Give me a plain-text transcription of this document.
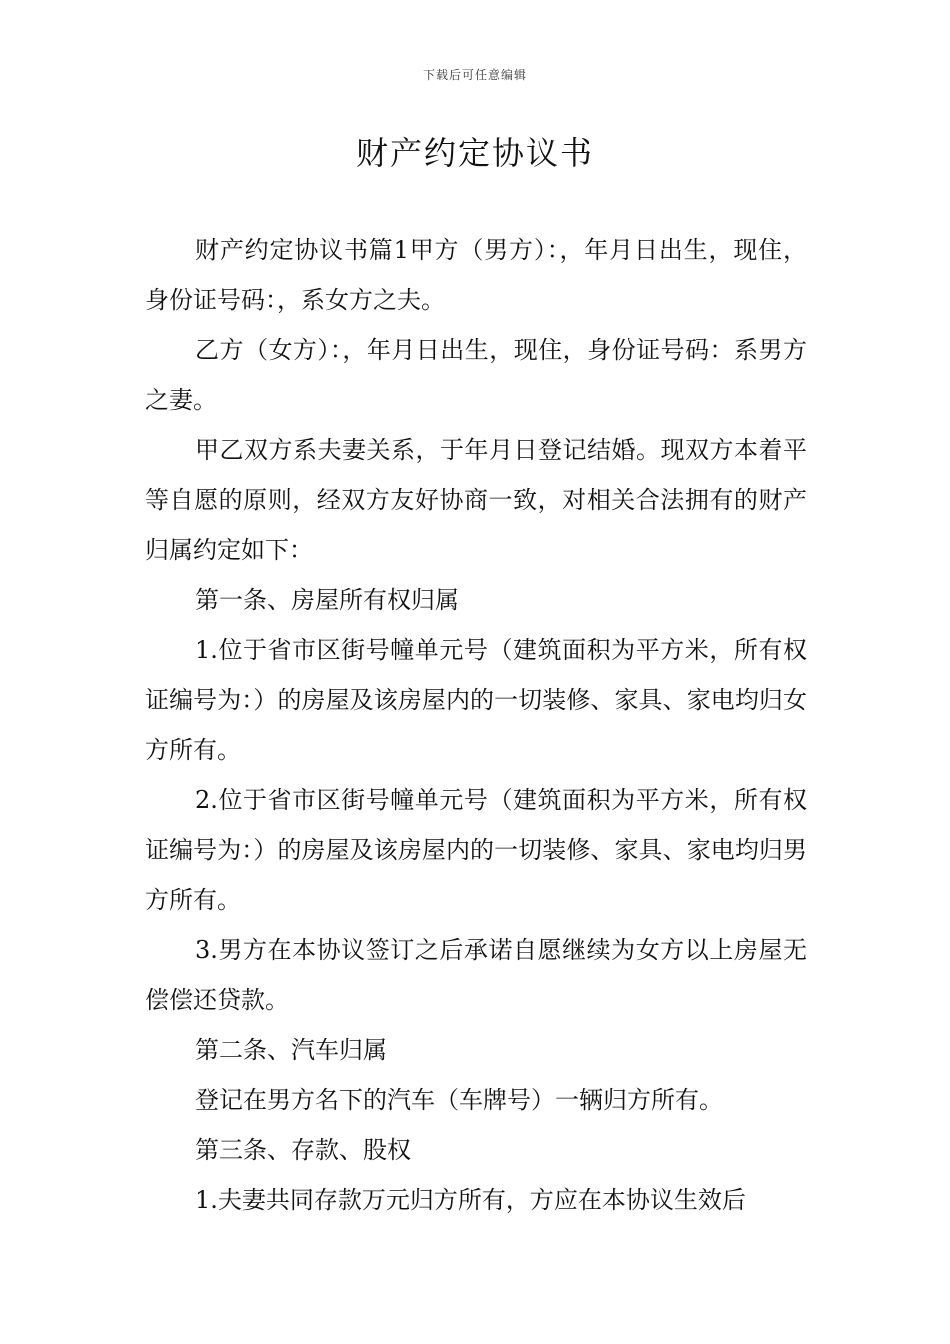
下载后可任意编辑
财产约定协议书

财产约定协议书篇1甲方（男方）：，年月日出生，现住，身份证号码：，系女方之夫。

乙方（女方）：，年月日出生，现住，身份证号码：系男方之妻。

甲乙双方系夫妻关系，于年月日登记结婚。现双方本着平等自愿的原则，经双方友好协商一致，对相关合法拥有的财产归属约定如下：

第一条、房屋所有权归属

1.位于省市区街号幢单元号（建筑面积为平方米，所有权证编号为：）的房屋及该房屋内的一切装修、家具、家电均归女方所有。

2.位于省市区街号幢单元号（建筑面积为平方米，所有权证编号为：）的房屋及该房屋内的一切装修、家具、家电均归男方所有。

3.男方在本协议签订之后承诺自愿继续为女方以上房屋无偿偿还贷款。

第二条、汽车归属

登记在男方名下的汽车（车牌号）一辆归方所有。

第三条、存款、股权

1.夫妻共同存款万元归方所有，方应在本协议生效后
